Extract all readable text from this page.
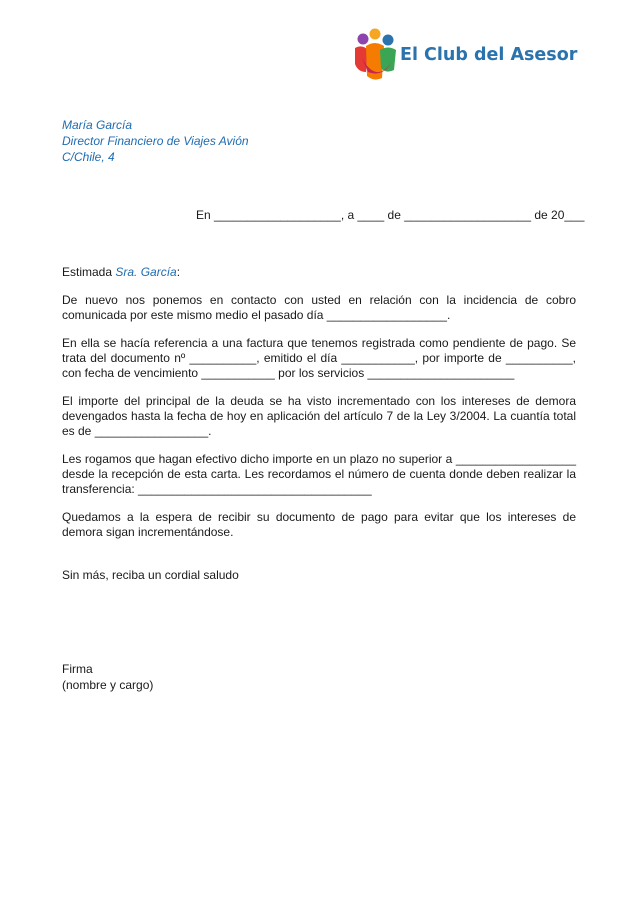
El Club del Asesor
María García
Director Financiero de Viajes Avión
C/Chile, 4
En ___________________, a ____ de ___________________ de 20___

Estimada Sra. García:

De nuevo nos ponemos en contacto con usted en relación con la incidencia de cobro comunicada por este mismo medio el pasado día __________________.

En ella se hacía referencia a una factura que tenemos registrada como pendiente de pago. Se trata del documento nº __________, emitido el día ___________, por importe de __________, con fecha de vencimiento ___________ por los servicios ______________________

El importe del principal de la deuda se ha visto incrementado con los intereses de demora devengados hasta la fecha de hoy en aplicación del artículo 7 de la Ley 3/2004. La cuantía total es de _________________.

Les rogamos que hagan efectivo dicho importe en un plazo no superior a __________________ desde la recepción de esta carta. Les recordamos el número de cuenta donde deben realizar la transferencia: ___________________________________

Quedamos a la espera de recibir su documento de pago para evitar que los intereses de demora sigan incrementándose.

Sin más, reciba un cordial saludo
Firma
(nombre y cargo)
